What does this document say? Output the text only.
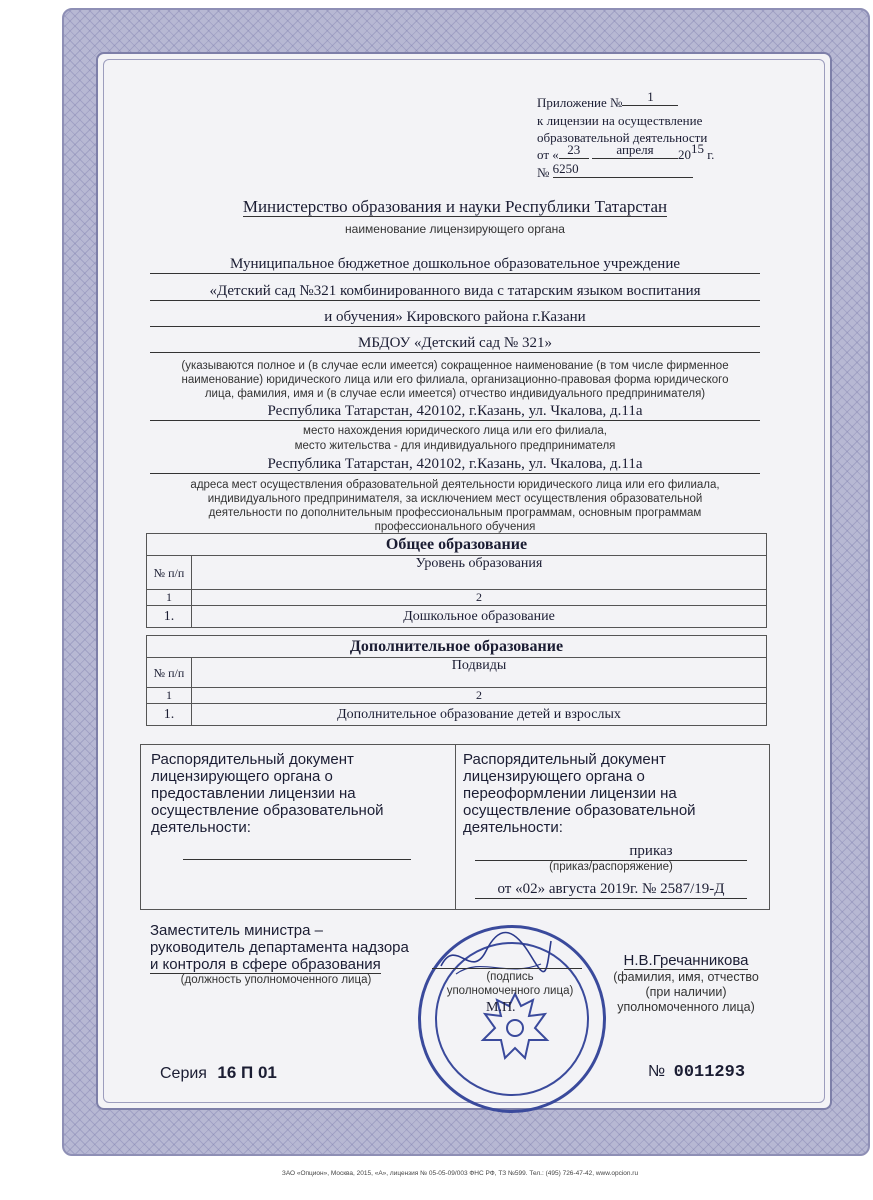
Приложение № 1
к лицензии на осуществление
образовательной деятельности
от « 23	апреля 2015 г.
№ 6250
Министерство образования и науки Республики Татарстан
наименование лицензирующего органа
Муниципальное бюджетное дошкольное образовательное учреждение
«Детский сад №321 комбинированного вида с татарским языком воспитания
и обучения» Кировского района г.Казани
МБДОУ «Детский сад № 321»
(указываются полное и (в случае если имеется) сокращенное наименование (в том числе фирменное
наименование) юридического лица или его филиала, организационно-правовая форма юридического
лица, фамилия, имя и (в случае если имеется) отчество индивидуального предпринимателя)
Республика Татарстан, 420102, г.Казань, ул. Чкалова, д.11а
место нахождения юридического лица или его филиала,
место жительства - для индивидуального предпринимателя
Республика Татарстан, 420102, г.Казань, ул. Чкалова, д.11а
адреса мест осуществления образовательной деятельности юридического лица или его филиала,
индивидуального предпринимателя, за исключением мест осуществления образовательной
деятельности по дополнительным профессиональным программам, основным программам
профессионального обучения
Общее образование	
№ п/п	Уровень образования
1	2
1.	Дошкольное образование
Дополнительное образование	
№ п/п	Подвиды
1	2
1.	Дополнительное образование детей и взрослых
Распорядительный документ
лицензирующего органа о
предоставлении лицензии на
осуществление образовательной
деятельности:
Распорядительный документ
лицензирующего органа о
переоформлении лицензии на
осуществление образовательной
деятельности:
приказ
(приказ/распоряжение)
от «02» августа 2019г. № 2587/19-Д
Заместитель министра –
руководитель департамента надзора
и контроля в сфере образования
(должность уполномоченного лица)	(подпись
уполномоченного лица)
М.П.
Н.В.Гречанникова
(фамилия, имя, отчество
(при наличии)
уполномоченного лица)
Серия 16 П 01	№ 0011293
ЗАО «Опцион», Москва, 2015, «А», лицензия № 05-05-09/003 ФНС РФ, ТЗ №599. Тел.: (495) 726-47-42, www.opcion.ru
